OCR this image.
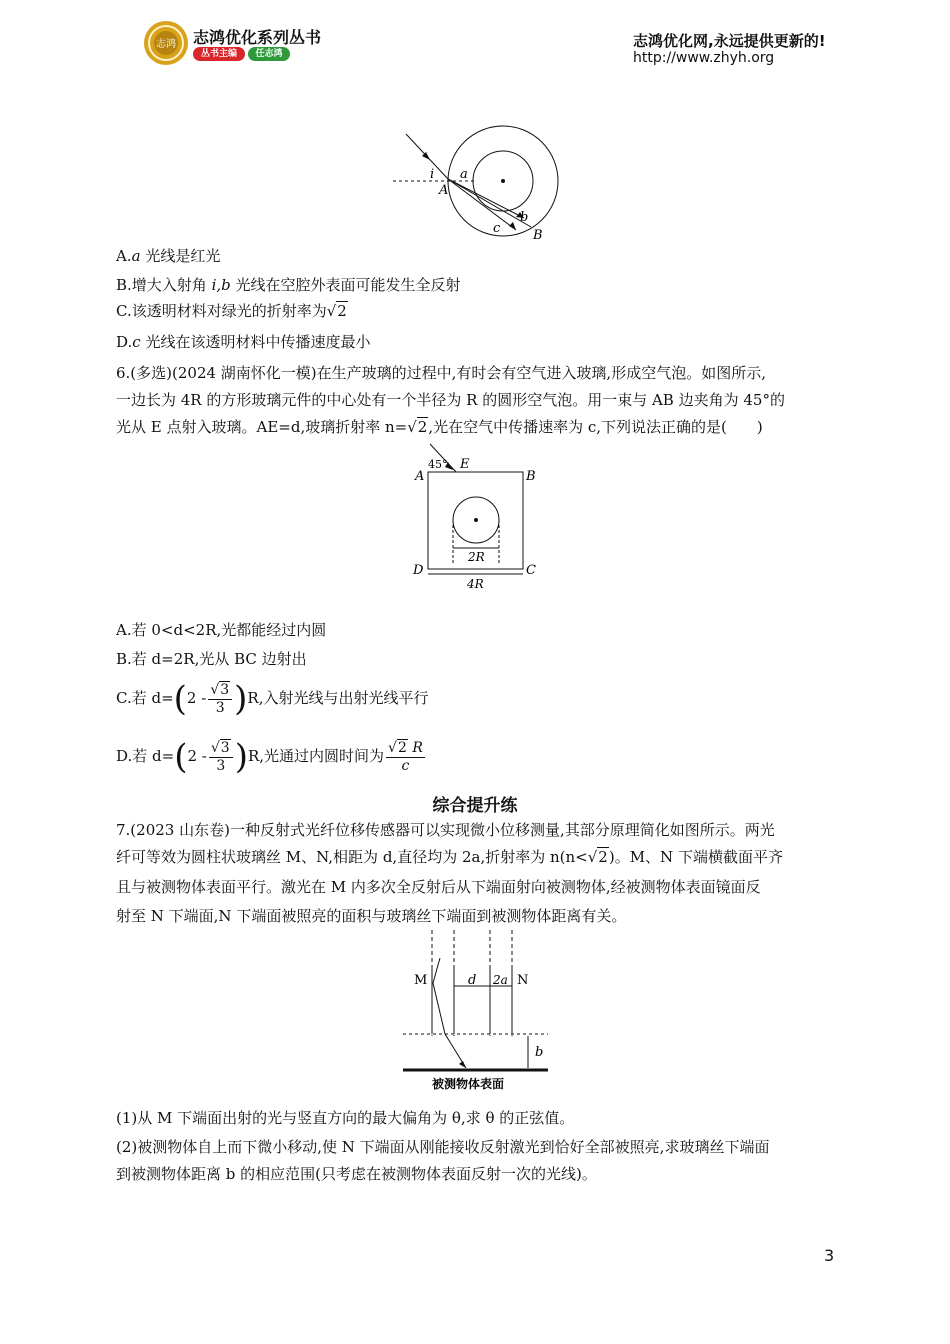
志鸿 志鸿优化系列丛书
丛书主编	任志鸿
志鸿优化网,永远提供更新的!
http://www.zhyh.org
i a
A
b
c	B
A.a 光线是红光
B.增大入射角 i,b 光线在空腔外表面可能发生全反射
C.该透明材料对绿光的折射率为√2
D.c 光线在该透明材料中传播速度最小
6.(多选)(2024 湖南怀化一模)在生产玻璃的过程中,有时会有空气进入玻璃,形成空气泡。如图所示,
一边长为 4R 的方形玻璃元件的中心处有一个半径为 R 的圆形空气泡。用一束与 AB 边夹角为 45°的
光从 E 点射入玻璃。AE=d,玻璃折射率 n=√2,光在空气中传播速率为 c,下列说法正确的是(　　)
45° E
A	B
D	C
2R
4R
A.若 0<d<2R,光都能经过内圆
B.若 d=2R,光从 BC 边射出
C.若 $d=(2 - \frac{√3}{3} )R$,入射光线与出射光线平行
D.若 $d=(2 - \frac{√3}{3} )R$,光通过内圆时间为 $\frac{√2 R}{c}$
综合提升练
7.(2023 山东卷)一种反射式光纤位移传感器可以实现微小位移测量,其部分原理简化如图所示。两光
纤可等效为圆柱状玻璃丝 M、N,相距为 d,直径均为 2a,折射率为 n(n<√2)。M、N 下端横截面平齐
且与被测物体表面平行。激光在 M 内多次全反射后从下端面射向被测物体,经被测物体表面镜面反
射至 N 下端面,N 下端面被照亮的面积与玻璃丝下端面到被测物体距离有关。
M	N
d 2a
b
被测物体表面
(1)从 M 下端面出射的光与竖直方向的最大偏角为 θ,求 θ 的正弦值。
(2)被测物体自上而下微小移动,使 N 下端面从刚能接收反射激光到恰好全部被照亮,求玻璃丝下端面
到被测物体距离 b 的相应范围(只考虑在被测物体表面反射一次的光线)。
3
